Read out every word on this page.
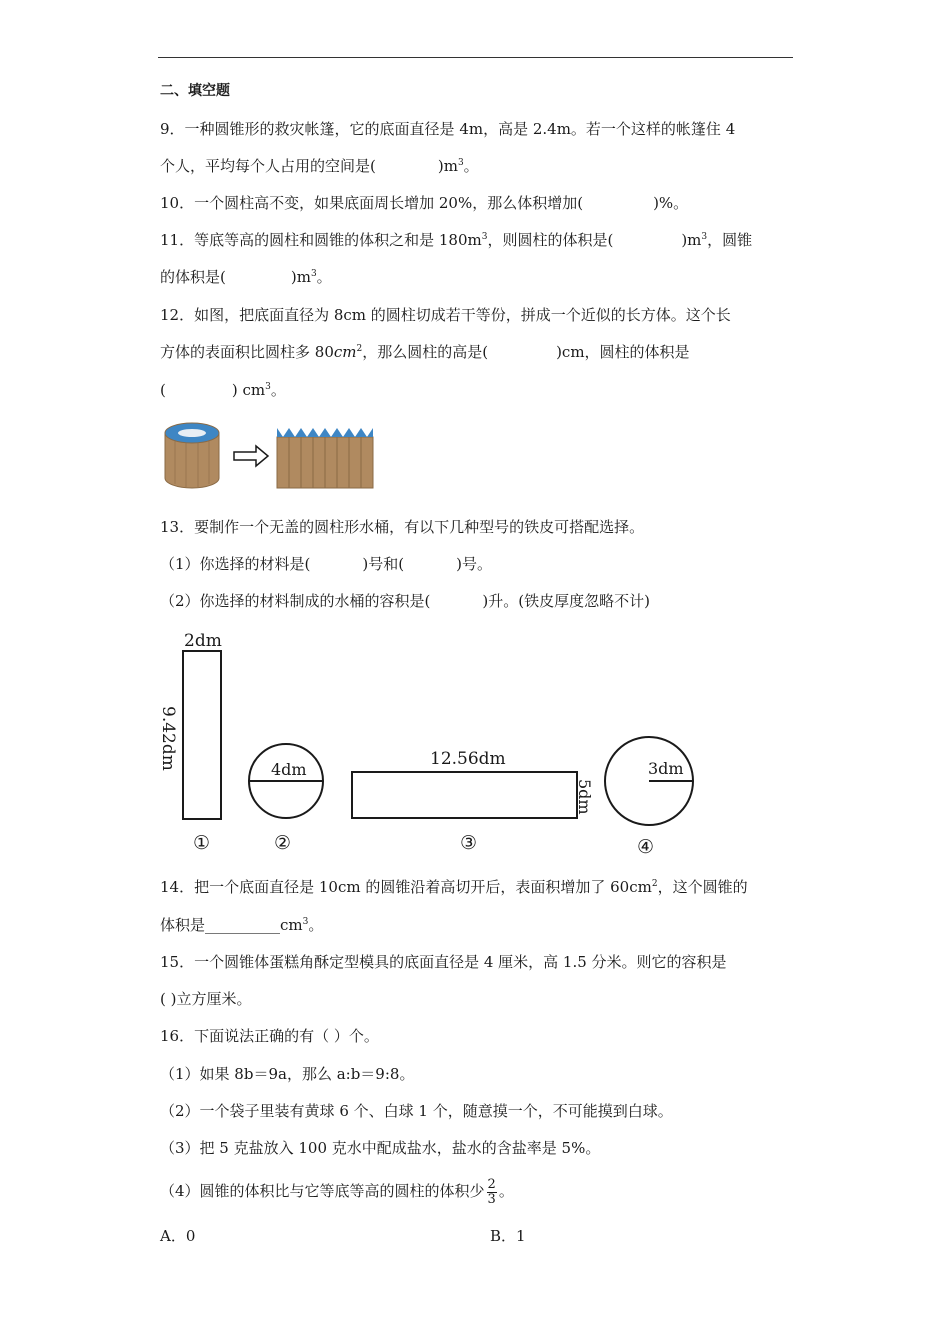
二、填空题
9．一种圆锥形的救灾帐篷，它的底面直径是 4m，高是 2.4m。若一个这样的帐篷住 4
个人，平均每个人占用的空间是(	)$m^3$。
10．一个圆柱高不变，如果底面周长增加 20%，那么体积增加(	)%。
11．等底等高的圆柱和圆锥的体积之和是 $180m^3$，则圆柱的体积是(	)$m^3$，圆锥
的体积是(	)$m^3$。
12．如图，把底面直径为 8cm 的圆柱切成若干等份，拼成一个近似的长方体。这个长
方体的表面积比圆柱多 $80cm^2$，那么圆柱的高是(	)cm，圆柱的体积是
(	) $cm^3$。
13．要制作一个无盖的圆柱形水桶，有以下几种型号的铁皮可搭配选择。
（1）你选择的材料是(	)号和(	)号。
（2）你选择的材料制成的水桶的容积是(	)升。(铁皮厚度忽略不计)
2dm
9.42dm
①
4dm
②
12.56dm
5dm
③
3dm
④
14．把一个底面直径是 10cm 的圆锥沿着高切开后，表面积增加了 $60cm^2$，这个圆锥的
体积是$\_\_\_\_\_\_\_\_\_\_cm^3$。
15．一个圆锥体蛋糕角酥定型模具的底面直径是 4 厘米，高 1.5 分米。则它的容积是
( )立方厘米。
16．下面说法正确的有（ ）个。
（1）如果 8b＝9a，那么 a:b＝9:8。
（2）一个袋子里装有黄球 6 个、白球 1 个，随意摸一个，不可能摸到白球。
（3）把 5 克盐放入 100 克水中配成盐水，盐水的含盐率是 5%。
（4）圆锥的体积比与它等底等高的圆柱的体积少 $\frac{2}{3}$ 。
A．0	B．1
